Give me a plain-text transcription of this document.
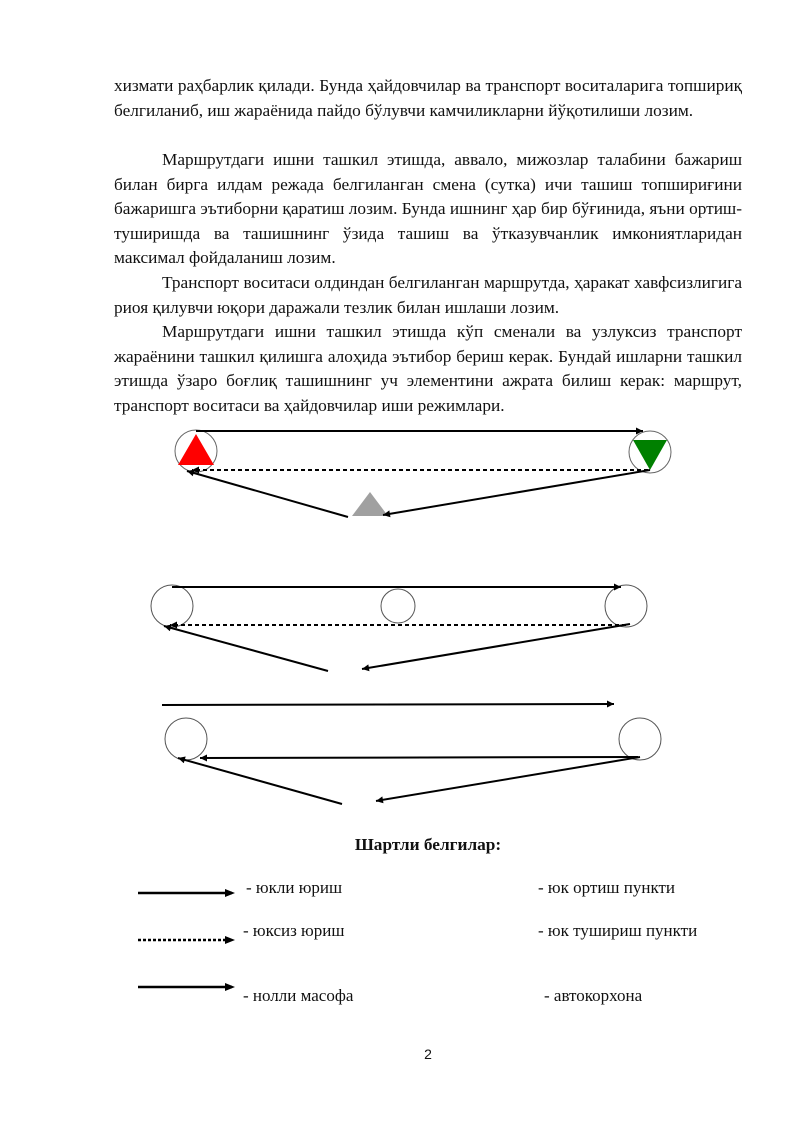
хизмати раҳбарлик қилади. Бунда ҳайдовчилар ва транспорт воситаларига топшириқ белгиланиб, иш жараёнида пайдо бўлувчи камчиликларни йўқотилиши лозим.

Маршрутдаги ишни ташкил этишда, аввало, мижозлар талабини бажариш билан бирга илдам режада белгиланган смена (сутка) ичи ташиш топшириғини бажаришга эътиборни қаратиш лозим. Бунда ишнинг ҳар бир бўғинида, яъни ортиш-туширишда ва ташишнинг ўзида ташиш ва ўтказувчанлик имкониятларидан максимал фойдаланиш лозим.

Транспорт воситаси олдиндан белгиланган маршрутда, ҳаракат хавфсизлигига риоя қилувчи юқори даражали тезлик билан ишлаши лозим.

Маршрутдаги ишни ташкил этишда кўп сменали ва узлуксиз транспорт жараёнини ташкил қилишга алоҳида эътибор бериш керак. Бундай ишларни ташкил этишда ўзаро боғлиқ ташишнинг уч элементини ажрата билиш керак: маршрут, транспорт воситаси ва ҳайдовчилар иши режимлари.

Шартли белгилар:
- юкли юриш
- юксиз юриш
- нолли масофа
- юк ортиш пункти
- юк тушириш пункти
- автокорхона
2
